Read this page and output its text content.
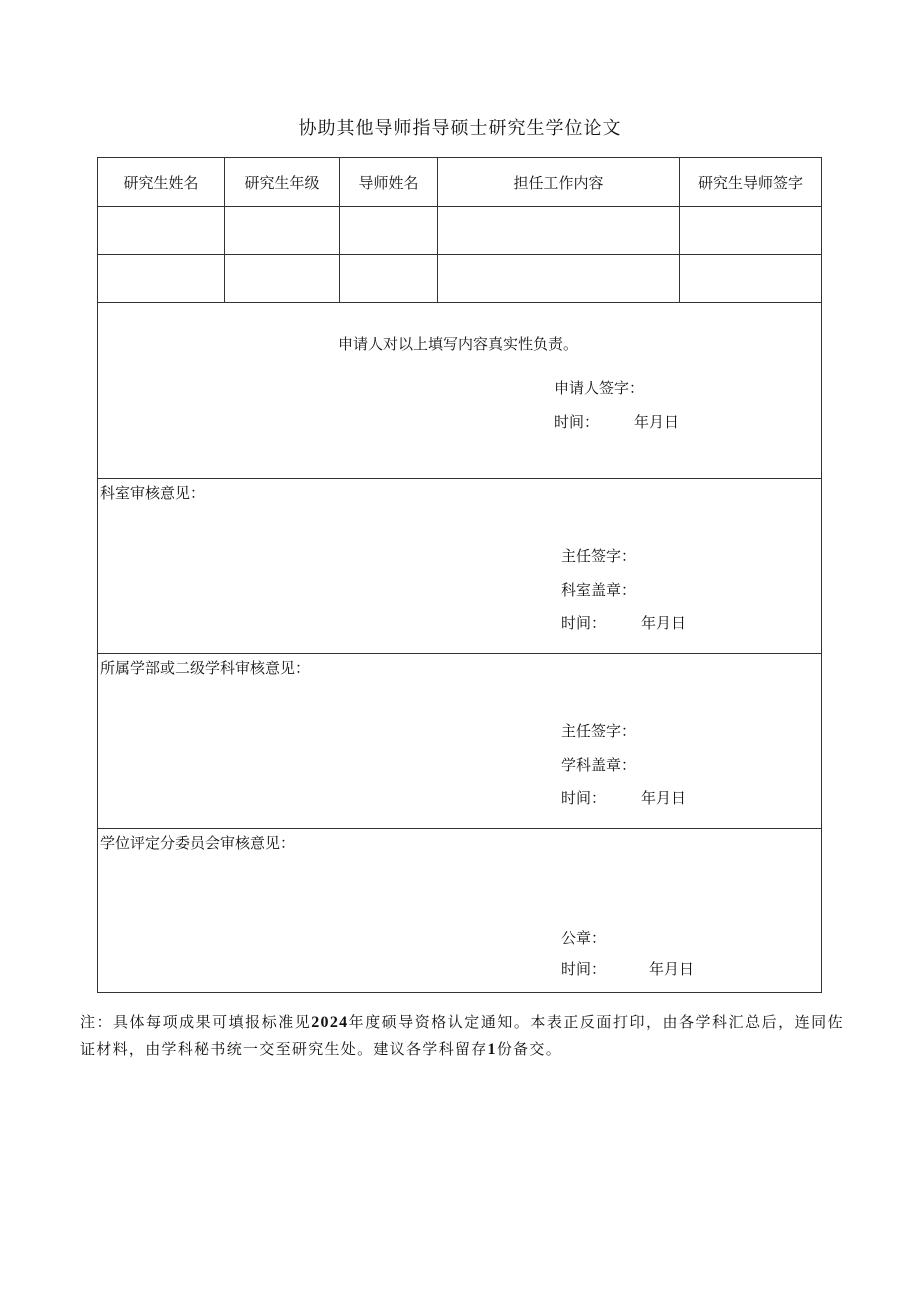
协助其他导师指导硕士研究生学位论文
研究生姓名	研究生年级	导师姓名	担任工作内容	研究生导师签字
申请人对以上填写内容真实性负责。
申请人签字：
时间： 年月日
科室审核意见：
主任签字：
科室盖章：
时间： 年月日
所属学部或二级学科审核意见：
主任签字：
学科盖章：
时间： 年月日
学位评定分委员会审核意见：
公章：
时间：	年月日
注：具体每项成果可填报标准见2024年度硕导资格认定通知。本表正反面打印，由各学科汇总后，连同佐证材料，由学科秘书统一交至研究生处。建议各学科留存1份备交。
